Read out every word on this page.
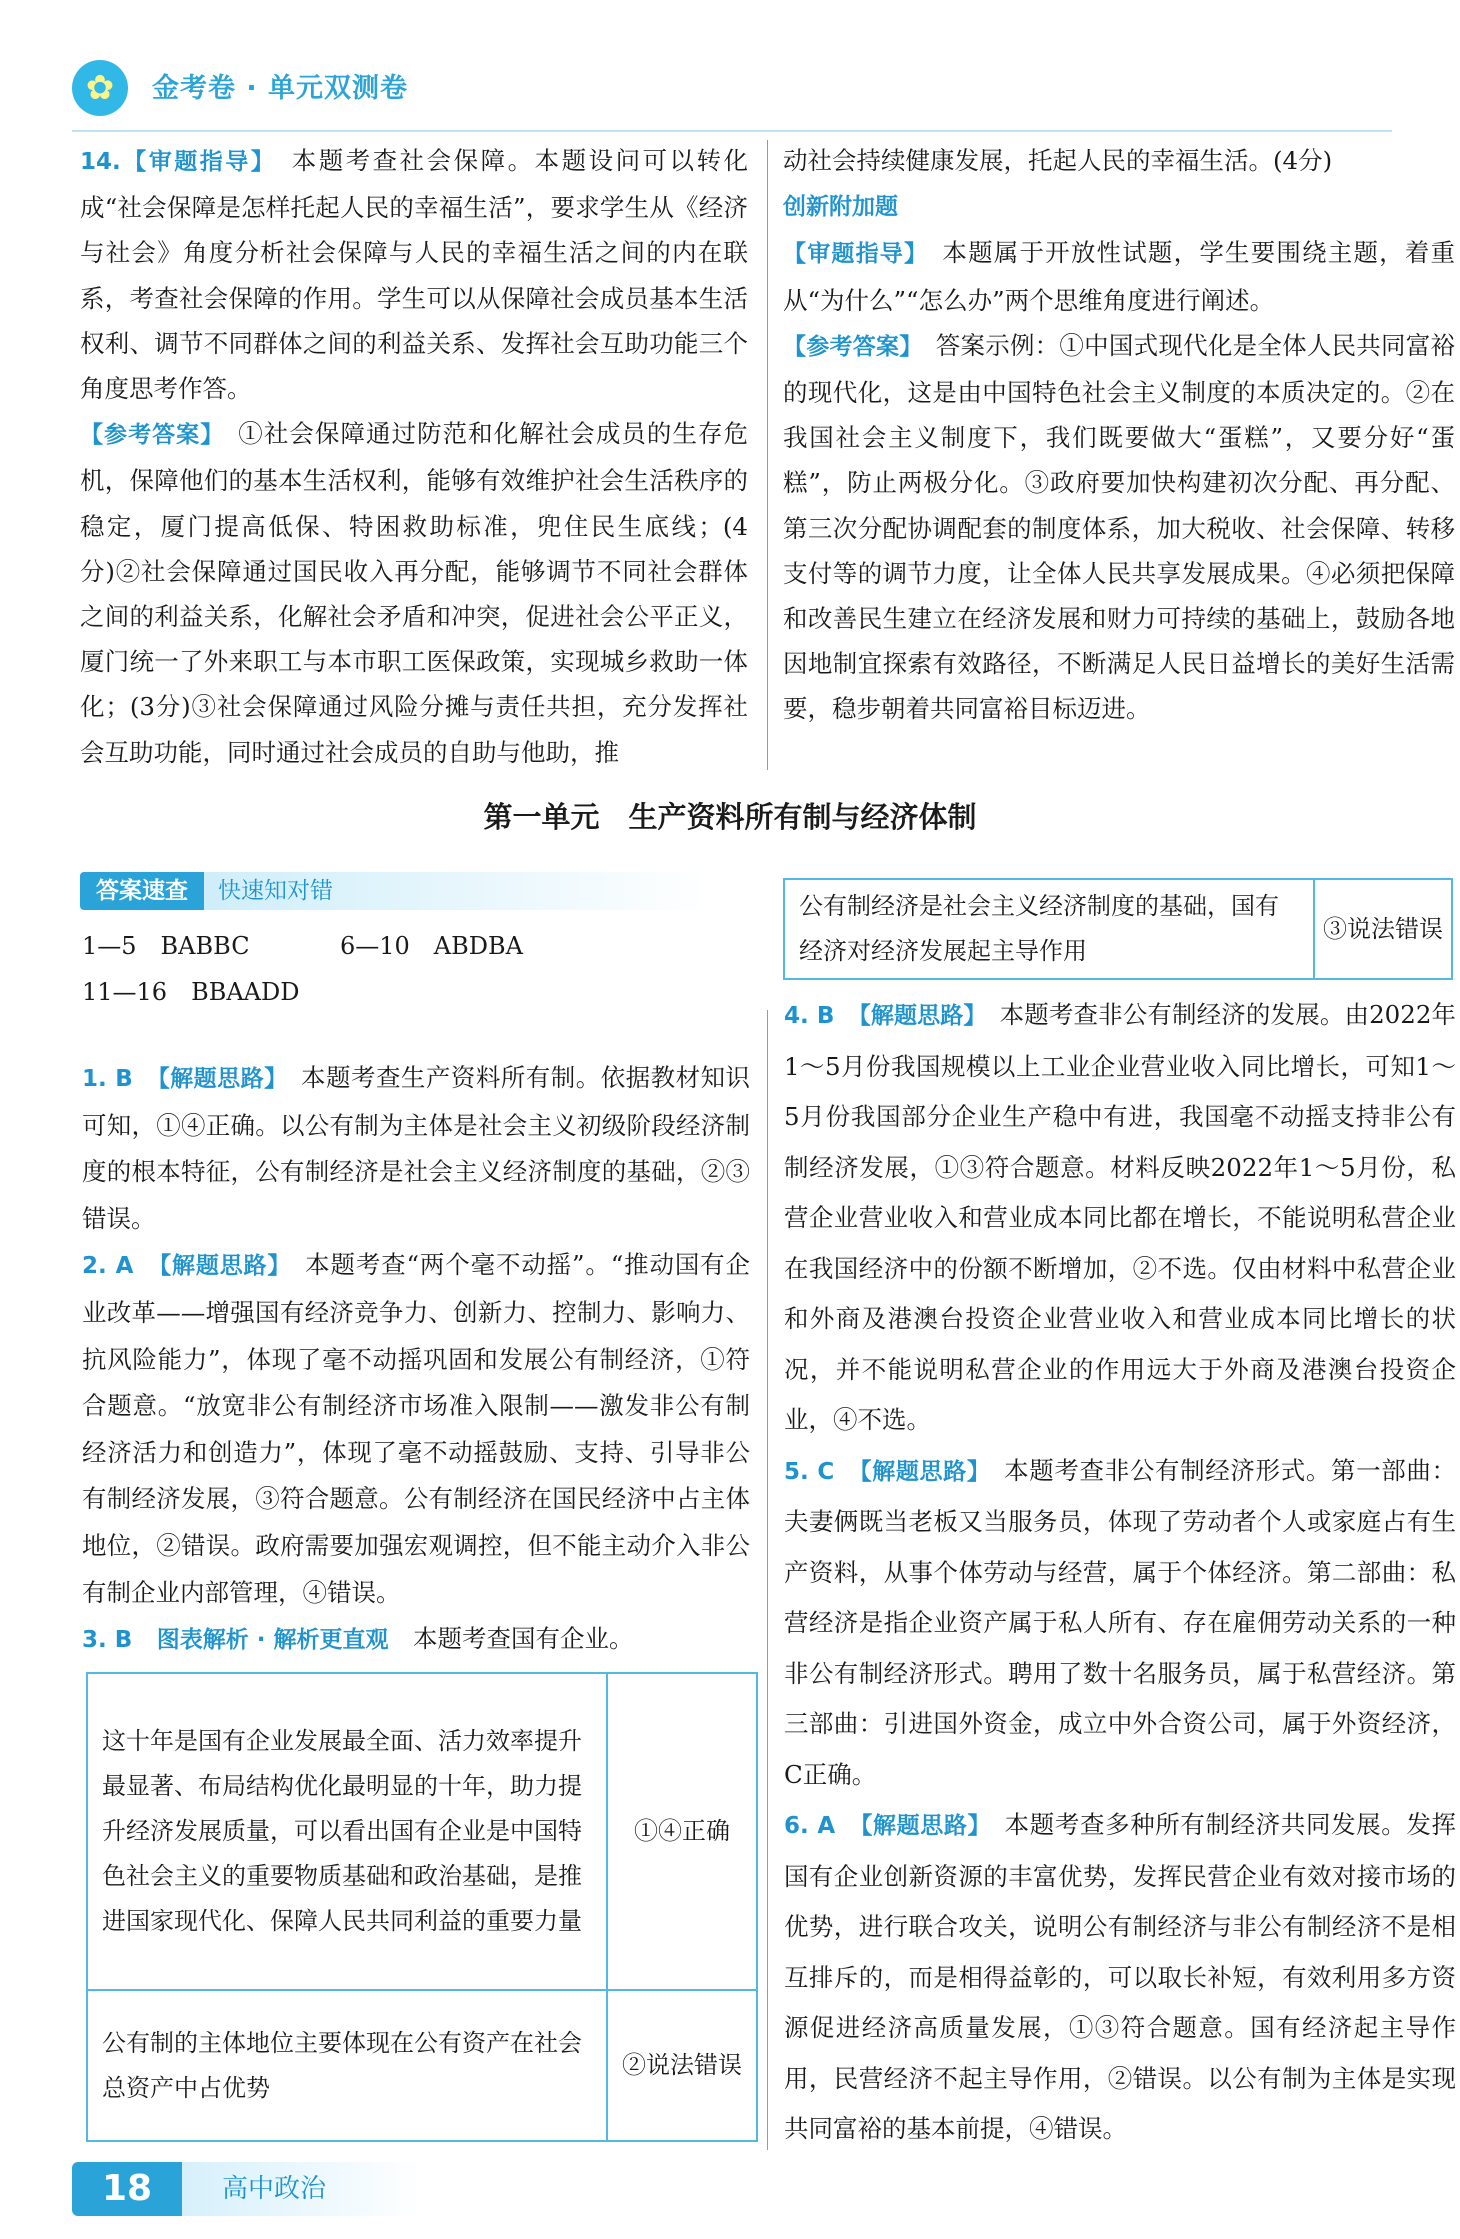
✿ 金考卷 · 单元双测卷

14. 【 审题指导 】　 本题考查社会保障。本题设问可以转化成“社会保障是怎样托起人民的幸福生活”，要求学生从《经济与社会》角度分析社会保障与人民的幸福生活之间的内在联系，考查社会保障的作用。学生可以从保障社会成员基本生活权利、调节不同群体之间的利益关系、发挥社会互助功能三个角度思考作答。

【 参考答案 】　 ①社会保障通过防范和化解社会成员的生存危机，保障他们的基本生活权利，能够有效维护社会生活秩序的稳定，厦门提高低保、特困救助标准，兜住民生底线；(4分)②社会保障通过国民收入再分配，能够调节不同社会群体之间的利益关系，化解社会矛盾和冲突，促进社会公平正义，厦门统一了外来职工与本市职工医保政策，实现城乡救助一体化；(3分)③社会保障通过风险分摊与责任共担，充分发挥社会互助功能，同时通过社会成员的自助与他助，推

动社会持续健康发展，托起人民的幸福生活。(4分)

创新附加题

【 审题指导 】　 本题属于开放性试题，学生要围绕主题，着重从“为什么”“怎么办”两个思维角度进行阐述。

【 参考答案 】　 答案示例：①中国式现代化是全体人民共同富裕的现代化，这是由中国特色社会主义制度的本质决定的。②在我国社会主义制度下，我们既要做大“蛋糕”，又要分好“蛋糕”，防止两极分化。③政府要加快构建初次分配、再分配、第三次分配协调配套的制度体系，加大税收、社会保障、转移支付等的调节力度，让全体人民共享发展成果。④必须把保障和改善民生建立在经济发展和财力可持续的基础上，鼓励各地因地制宜探索有效路径，不断满足人民日益增长的美好生活需要，稳步朝着共同富裕目标迈进。

第一单元　生产资料所有制与经济体制
答案速查	快速知对错
1—5　BABBC	6—10　ABDBA
11—16　BBAADD

1. B　 【 解题思路 】　 本题考查生产资料所有制。依据教材知识可知，①④正确。以公有制为主体是社会主义初级阶段经济制度的根本特征，公有制经济是社会主义经济制度的基础，②③错误。

2. A　 【 解题思路 】　 本题考查“两个毫不动摇”。“推动国有企业改革——增强国有经济竞争力、创新力、控制力、影响力、抗风险能力”，体现了毫不动摇巩固和发展公有制经济，①符合题意。“放宽非公有制经济市场准入限制——激发非公有制经济活力和创造力”，体现了毫不动摇鼓励、支持、引导非公有制经济发展，③符合题意。公有制经济在国民经济中占主体地位，②错误。政府需要加强宏观调控，但不能主动介入非公有制企业内部管理，④错误。

3. B　 图表解析 · 解析更直观　 本题考查国有企业。

这十年是国有企业发展最全面、活力效率提升最显著、布局结构优化最明显的十年，助力提升经济发展质量，可以看出国有企业是中国特色社会主义的重要物质基础和政治基础，是推进国家现代化、保障人民共同利益的重要力量	①④正确
公有制的主体地位主要体现在公有资产在社会总资产中占优势	②说法错误
公有制经济是社会主义经济制度的基础，国有经济对经济发展起主导作用	③说法错误

4. B　 【 解题思路 】　 本题考查非公有制经济的发展。由2022年1～5月份我国规模以上工业企业营业收入同比增长，可知1～5月份我国部分企业生产稳中有进，我国毫不动摇支持非公有制经济发展，①③符合题意。材料反映2022年1～5月份，私营企业营业收入和营业成本同比都在增长，不能说明私营企业在我国经济中的份额不断增加，②不选。仅由材料中私营企业和外商及港澳台投资企业营业收入和营业成本同比增长的状况，并不能说明私营企业的作用远大于外商及港澳台投资企业，④不选。

5. C　 【 解题思路 】　 本题考查非公有制经济形式。第一部曲：夫妻俩既当老板又当服务员，体现了劳动者个人或家庭占有生产资料，从事个体劳动与经营，属于个体经济。第二部曲：私营经济是指企业资产属于私人所有、存在雇佣劳动关系的一种非公有制经济形式。聘用了数十名服务员，属于私营经济。第三部曲：引进国外资金，成立中外合资公司，属于外资经济，C正确。

6. A　 【 解题思路 】　 本题考查多种所有制经济共同发展。发挥国有企业创新资源的丰富优势，发挥民营企业有效对接市场的优势，进行联合攻关，说明公有制经济与非公有制经济不是相互排斥的，而是相得益彰的，可以取长补短，有效利用多方资源促进经济高质量发展，①③符合题意。国有经济起主导作用，民营经济不起主导作用，②错误。以公有制为主体是实现共同富裕的基本前提，④错误。

18	高中政治
